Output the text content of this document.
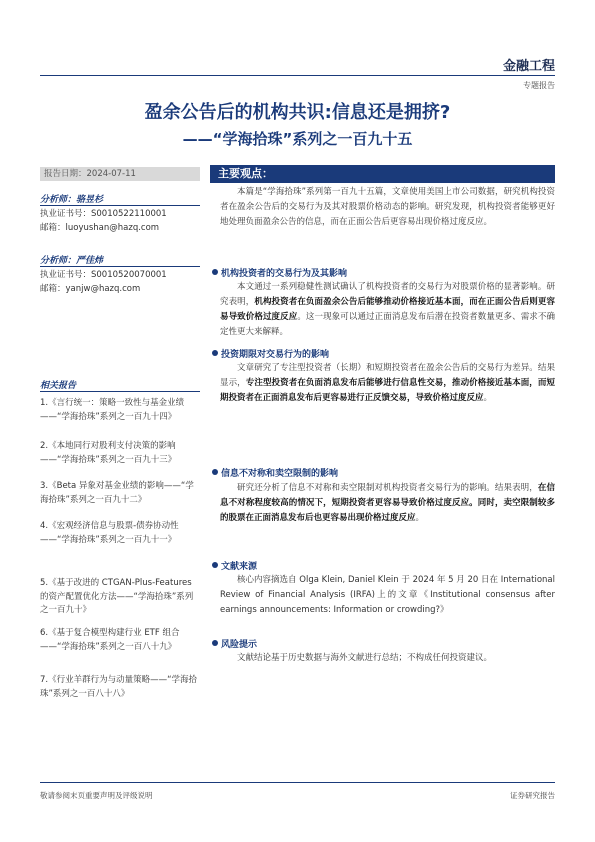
金融工程
专题报告
盈余公告后的机构共识:信息还是拥挤?
——“学海拾珠”系列之一百九十五
报告日期：2024-07-11
分析师：骆昱杉
执业证书号：S0010522110001
邮箱：luoyushan@hazq.com
分析师：严佳炜
执业证书号：S0010520070001
邮箱：yanjw@hazq.com
相关报告
1.《言行统一：策略一致性与基金业绩——“学海拾珠”系列之一百九十四》
2.《本地同行对股利支付决策的影响——“学海拾珠”系列之一百九十三》
3.《Beta 异象对基金业绩的影响——“学海拾珠”系列之一百九十二》
4.《宏观经济信息与股票-债券协动性——“学海拾珠”系列之一百九十一》
5.《基于改进的 CTGAN-Plus-Features 的资产配置优化方法——“学海拾珠”系列之一百九十》
6.《基于复合模型构建行业 ETF 组合——“学海拾珠”系列之一百八十九》
7.《行业羊群行为与动量策略——“学海拾珠”系列之一百八十八》
主要观点：
本篇是“学海拾珠”系列第一百九十五篇，文章使用美国上市公司数据，研究机构投资者在盈余公告后的交易行为及其对股票价格动态的影响。研究发现，机构投资者能够更好地处理负面盈余公告的信息，而在正面公告后更容易出现价格过度反应。
机构投资者的交易行为及其影响
本文通过一系列稳健性测试确认了机构投资者的交易行为对股票价格的显著影响。研究表明，机构投资者在负面盈余公告后能够推动价格接近基本面，而在正面公告后则更容易导致价格过度反应。这一现象可以通过正面消息发布后潜在投资者数量更多、需求不确定性更大来解释。
投资期限对交易行为的影响
文章研究了专注型投资者（长期）和短期投资者在盈余公告后的交易行为差异。结果显示，专注型投资者在负面消息发布后能够进行信息性交易，推动价格接近基本面，而短期投资者在正面消息发布后更容易进行正反馈交易，导致价格过度反应。
信息不对称和卖空限制的影响
研究还分析了信息不对称和卖空限制对机构投资者交易行为的影响。结果表明，在信息不对称程度较高的情况下，短期投资者更容易导致价格过度反应。同时，卖空限制较多的股票在正面消息发布后也更容易出现价格过度反应。
文献来源
核心内容摘选自 Olga Klein, Daniel Klein 于 2024 年 5 月 20 日在 International Review of Financial Analysis (IRFA)上的文章《Institutional consensus after earnings announcements: Information or crowding?》
风险提示
文献结论基于历史数据与海外文献进行总结；不构成任何投资建议。
敬请参阅末页重要声明及评级说明	证券研究报告
